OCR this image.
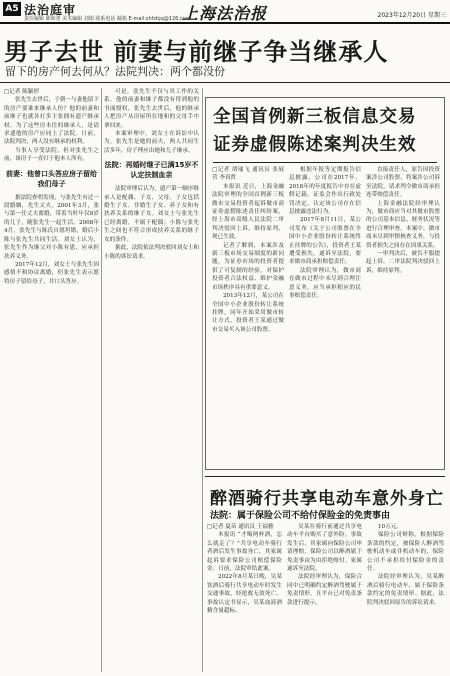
A5 法治庭审
责任编辑 陈和勇 美术编辑 刘娟 联系电话 邮箱 E-mail:shfzbjq@126.com
上海法治报	2023年12月20日 星期三
男子去世 前妻与前继子争当继承人
留下的房产何去何从？法院判决：两个都没份

□记者 陈颖婷

张先生去世后，于朝一与妻他留下的房产要谁来继承人份？他的前妻和前继子也就各打多主张拥有遗产继承权。为了这些房本住的继承人，是请求遗他的房产应同上了法院。日前，法院判决，两人没有继承的权利。

当事人享受法院，但对张先生之前，该房子一直归于他本人所有。

前妻：他曾口头答应房子留给我们母子

据法院查明发现，与张先生有过一段婚姻，先生丈夫，2001年3月，张与第一任丈夫离婚，带着当时年仅8岁的儿子，随张先生一起生活，2008年4月，张先生与陈氏自愿坦婚，婚后小陈与张先生共同生活。刘女士认为，张先生作为继父对小陈有恩，应承担扶养义务。

2017年12月，刘女士与张先生因感情不和协议离婚，但张先生表示愿将房子留给母子，并口头答应。

可是，张先生不仅与其工作的关系，他的前妻和继子都没有得到他的书面授权，张先生去世后，他的继承人把房产从房屋所在地和的父母手中拿回来。

本案审理中，刘女士在诉讼中认为，张先生是她的前夫，两人共同生活多年，房子理应由她和儿子继承。

法院：再婚时继子已满15岁不认定扶制血亲

法院审理后认为，遗产第一顺序继承人是配偶、子女、父母。子女包括婚生子女、非婚生子女、养子女和有扶养关系的继子女。刘女士与张先生已经离婚，不属于配偶；小陈与张先生之间也不符合形成扶养关系的继子女的条件。

据此，法院依法判决驳回刘女士和小陈的诉讼请求。

全国首例新三板信息交易
证券虚假陈述案判决生效

□记者 胡瑜飞 通讯员 张展营 李真哲

本报讯 近日，上海金融法院审理的全国首例新三板做市交易投资者起诉做市商证券虚假陈述责任纠纷案，经上海市高级人民法院二审判决驳回上诉，维持原判，现已生效。

记者了解到，本案涉及新三板市场交易制度的新问题，为证券市场的投资者提供了可复制的经验，对保护投资者合法权益、维护金融市场秩序具有重要意义。

2013年12月，某公司在全国中小企业股份转让系统挂牌，同年开始采用做市转让方式，投资者王某通过做市交易买入该公司股票。

根据年报等定期报告信息披露，公司在2017年、2018年的年度报告中存在虚假记载。证监会作出行政处罚决定，认定该公司存在信息披露违法行为。

2017年8月11日，某公司发布《关于公司股票在全国中小企业股份转让系统终止挂牌的公告》，投资者王某遭受损失，遂诉至法院，要求做市商承担赔偿责任。

法院审理认为，做市商在做市过程中未尽到合理注意义务，应当承担相应的民事赔偿责任。

直接责任人，原告因投资案涉公司股票，将案涉公司诉至法院，请求判令做市商承担连带赔偿责任。

上海金融法院经审理认为，做市商应当对其做市股票的公司基本信息、财务状况等进行合理审查。本案中，做市商未尽到审慎核查义务，与投资者损失之间存在因果关系。

一审判决后，被告不服提起上诉。二审法院判决驳回上诉，维持原判。

醉酒骑行共享电动车意外身亡
法院：属于保险公司不给付保险金的免责事由

□记者 夏苗 通讯员 王福雅

本报讯 “才喝两杯酒，怎么就走了？”共享电动车骑行者酒后发生事故身亡，其家属起诉要求保险公司赔偿保险金。日前，法院审结此案。

2022年8月某日晚，吴某饮酒后骑行共享电动车时发生交通事故，经抢救无效死亡。事故认定书显示，吴某血液酒精含量超标。

吴某在骑行前通过共享电动车平台购买了意外险。事故发生后，其家属向保险公司申请理赔，保险公司以醉酒属于免责事由为由拒绝赔付。家属遂诉至法院。

法院经审理认为，保险合同中已明确约定醉酒驾驶属于免责情形，且平台已对免责条款进行提示。

10万元。

保险公司辩称，根据保险条款的约定，被保险人醉酒驾驶机动车或非机动车的，保险公司不承担给付保险金的责任。

法院经审理认为，吴某醉酒后骑行电动车，属于保险条款约定的免责情形。据此，法院判决驳回原告的诉讼请求。
